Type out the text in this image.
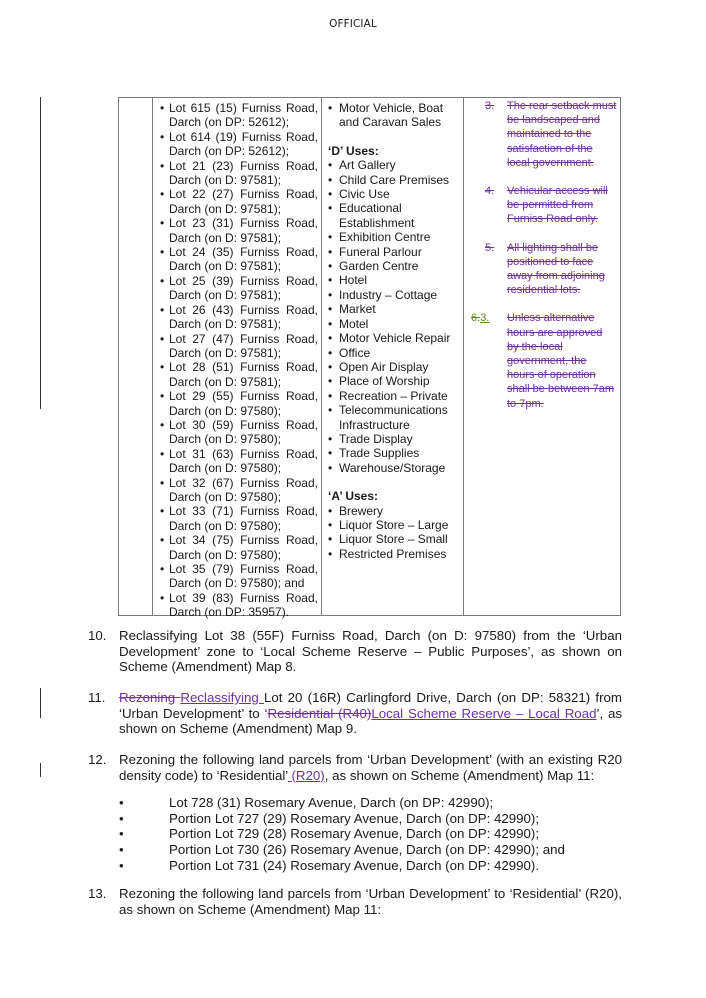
OFFICIAL
• Lot 615 (15) Furniss Road, Darch (on DP: 52612);
• Lot 614 (19) Furniss Road, Darch (on DP: 52612);
• Lot 21 (23) Furniss Road, Darch (on D: 97581);
• Lot 22 (27) Furniss Road, Darch (on D: 97581);
• Lot 23 (31) Furniss Road, Darch (on D: 97581);
• Lot 24 (35) Furniss Road, Darch (on D: 97581);
• Lot 25 (39) Furniss Road, Darch (on D: 97581);
• Lot 26 (43) Furniss Road, Darch (on D: 97581);
• Lot 27 (47) Furniss Road, Darch (on D: 97581);
• Lot 28 (51) Furniss Road, Darch (on D: 97581);
• Lot 29 (55) Furniss Road, Darch (on D: 97580);
• Lot 30 (59) Furniss Road, Darch (on D: 97580);
• Lot 31 (63) Furniss Road, Darch (on D: 97580);
• Lot 32 (67) Furniss Road, Darch (on D: 97580);
• Lot 33 (71) Furniss Road, Darch (on D: 97580);
• Lot 34 (75) Furniss Road, Darch (on D: 97580);
• Lot 35 (79) Furniss Road, Darch (on D: 97580); and
• Lot 39 (83) Furniss Road, Darch (on DP: 35957).
• Motor Vehicle, Boat and Caravan Sales
‘D’ Uses:
• Art Gallery
• Child Care Premises
• Civic Use
• Educational Establishment
• Exhibition Centre
• Funeral Parlour
• Garden Centre
• Hotel
• Industry – Cottage
• Market
• Motel
• Motor Vehicle Repair
• Office
• Open Air Display
• Place of Worship
• Recreation – Private
• Telecommunications Infrastructure
• Trade Display
• Trade Supplies
• Warehouse/Storage
‘A’ Uses:
• Brewery
• Liquor Store – Large
• Liquor Store – Small
• Restricted Premises
3. The rear setback must be landscaped and maintained to the satisfaction of the local government.
4. Vehicular access will be permitted from Furniss Road only.
5. All lighting shall be positioned to face away from adjoining residential lots.
6.3. Unless alternative hours are approved by the local government, the hours of operation shall be between 7am to 7pm.
10. Reclassifying Lot 38 (55F) Furniss Road, Darch (on D: 97580) from the ‘Urban Development’ zone to ‘Local Scheme Reserve – Public Purposes’, as shown on Scheme (Amendment) Map 8.
11. Rezoning Reclassifying Lot 20 (16R) Carlingford Drive, Darch (on DP: 58321) from ‘Urban Development’ to ‘Residential (R40)Local Scheme Reserve – Local Road’, as shown on Scheme (Amendment) Map 9.
12. Rezoning the following land parcels from ‘Urban Development’ (with an existing R20 density code) to ‘Residential’ (R20), as shown on Scheme (Amendment) Map 11:
• Lot 728 (31) Rosemary Avenue, Darch (on DP: 42990);
• Portion Lot 727 (29) Rosemary Avenue, Darch (on DP: 42990);
• Portion Lot 729 (28) Rosemary Avenue, Darch (on DP: 42990);
• Portion Lot 730 (26) Rosemary Avenue, Darch (on DP: 42990); and
• Portion Lot 731 (24) Rosemary Avenue, Darch (on DP: 42990).
13. Rezoning the following land parcels from ‘Urban Development’ to ‘Residential’ (R20), as shown on Scheme (Amendment) Map 11:
